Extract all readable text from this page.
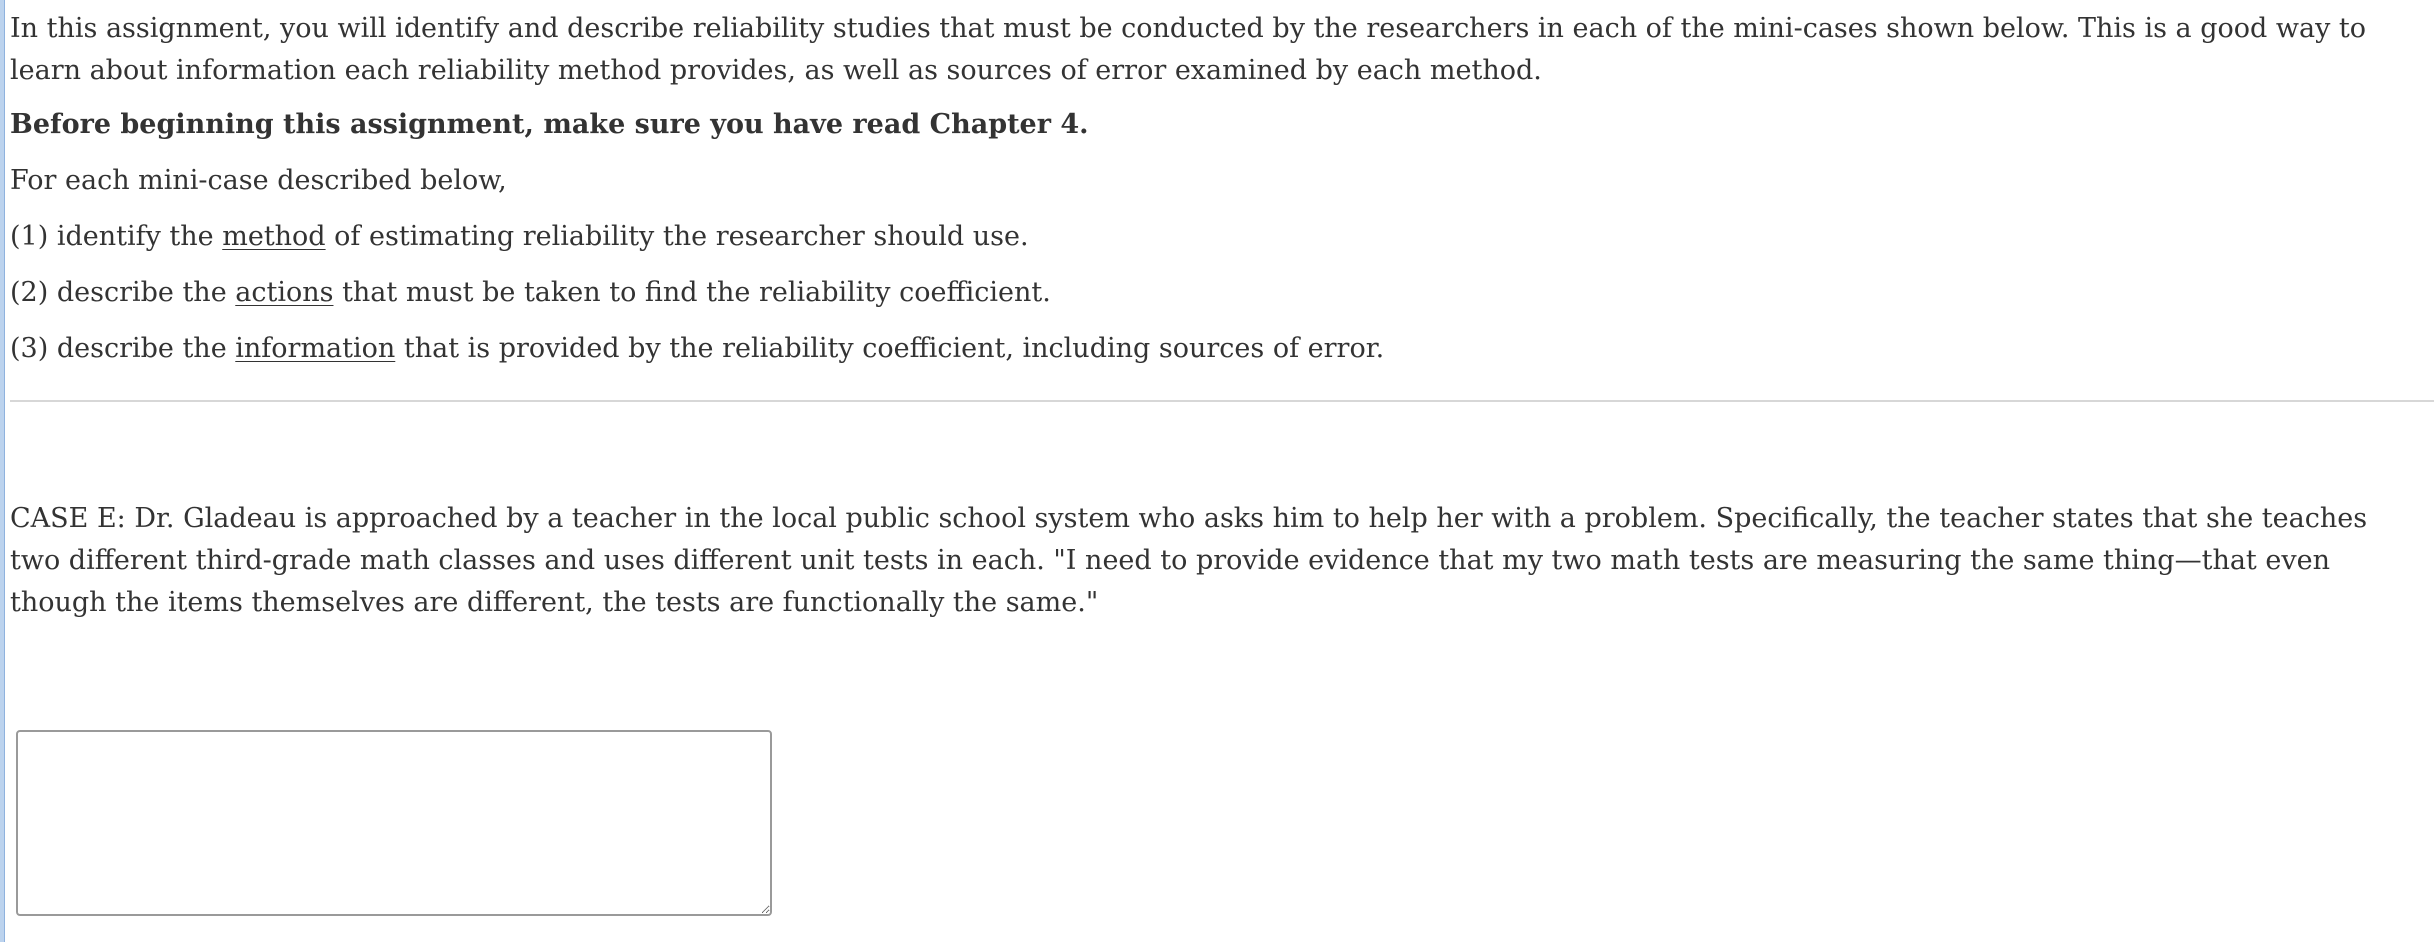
In this assignment, you will identify and describe reliability studies that must be conducted by the researchers in each of the mini-cases shown below. This is a good way to learn about information each reliability method provides, as well as sources of error examined by each method.

Before beginning this assignment, make sure you have read Chapter 4.

For each mini-case described below,

(1) identify the method of estimating reliability the researcher should use.

(2) describe the actions that must be taken to find the reliability coefficient.

(3) describe the information that is provided by the reliability coefficient, including sources of error.

CASE E: Dr. Gladeau is approached by a teacher in the local public school system who asks him to help her with a problem. Specifically, the teacher states that she teaches two different third-grade math classes and uses different unit tests in each. "I need to provide evidence that my two math tests are measuring the same thing—that even though the items themselves are different, the tests are functionally the same."
